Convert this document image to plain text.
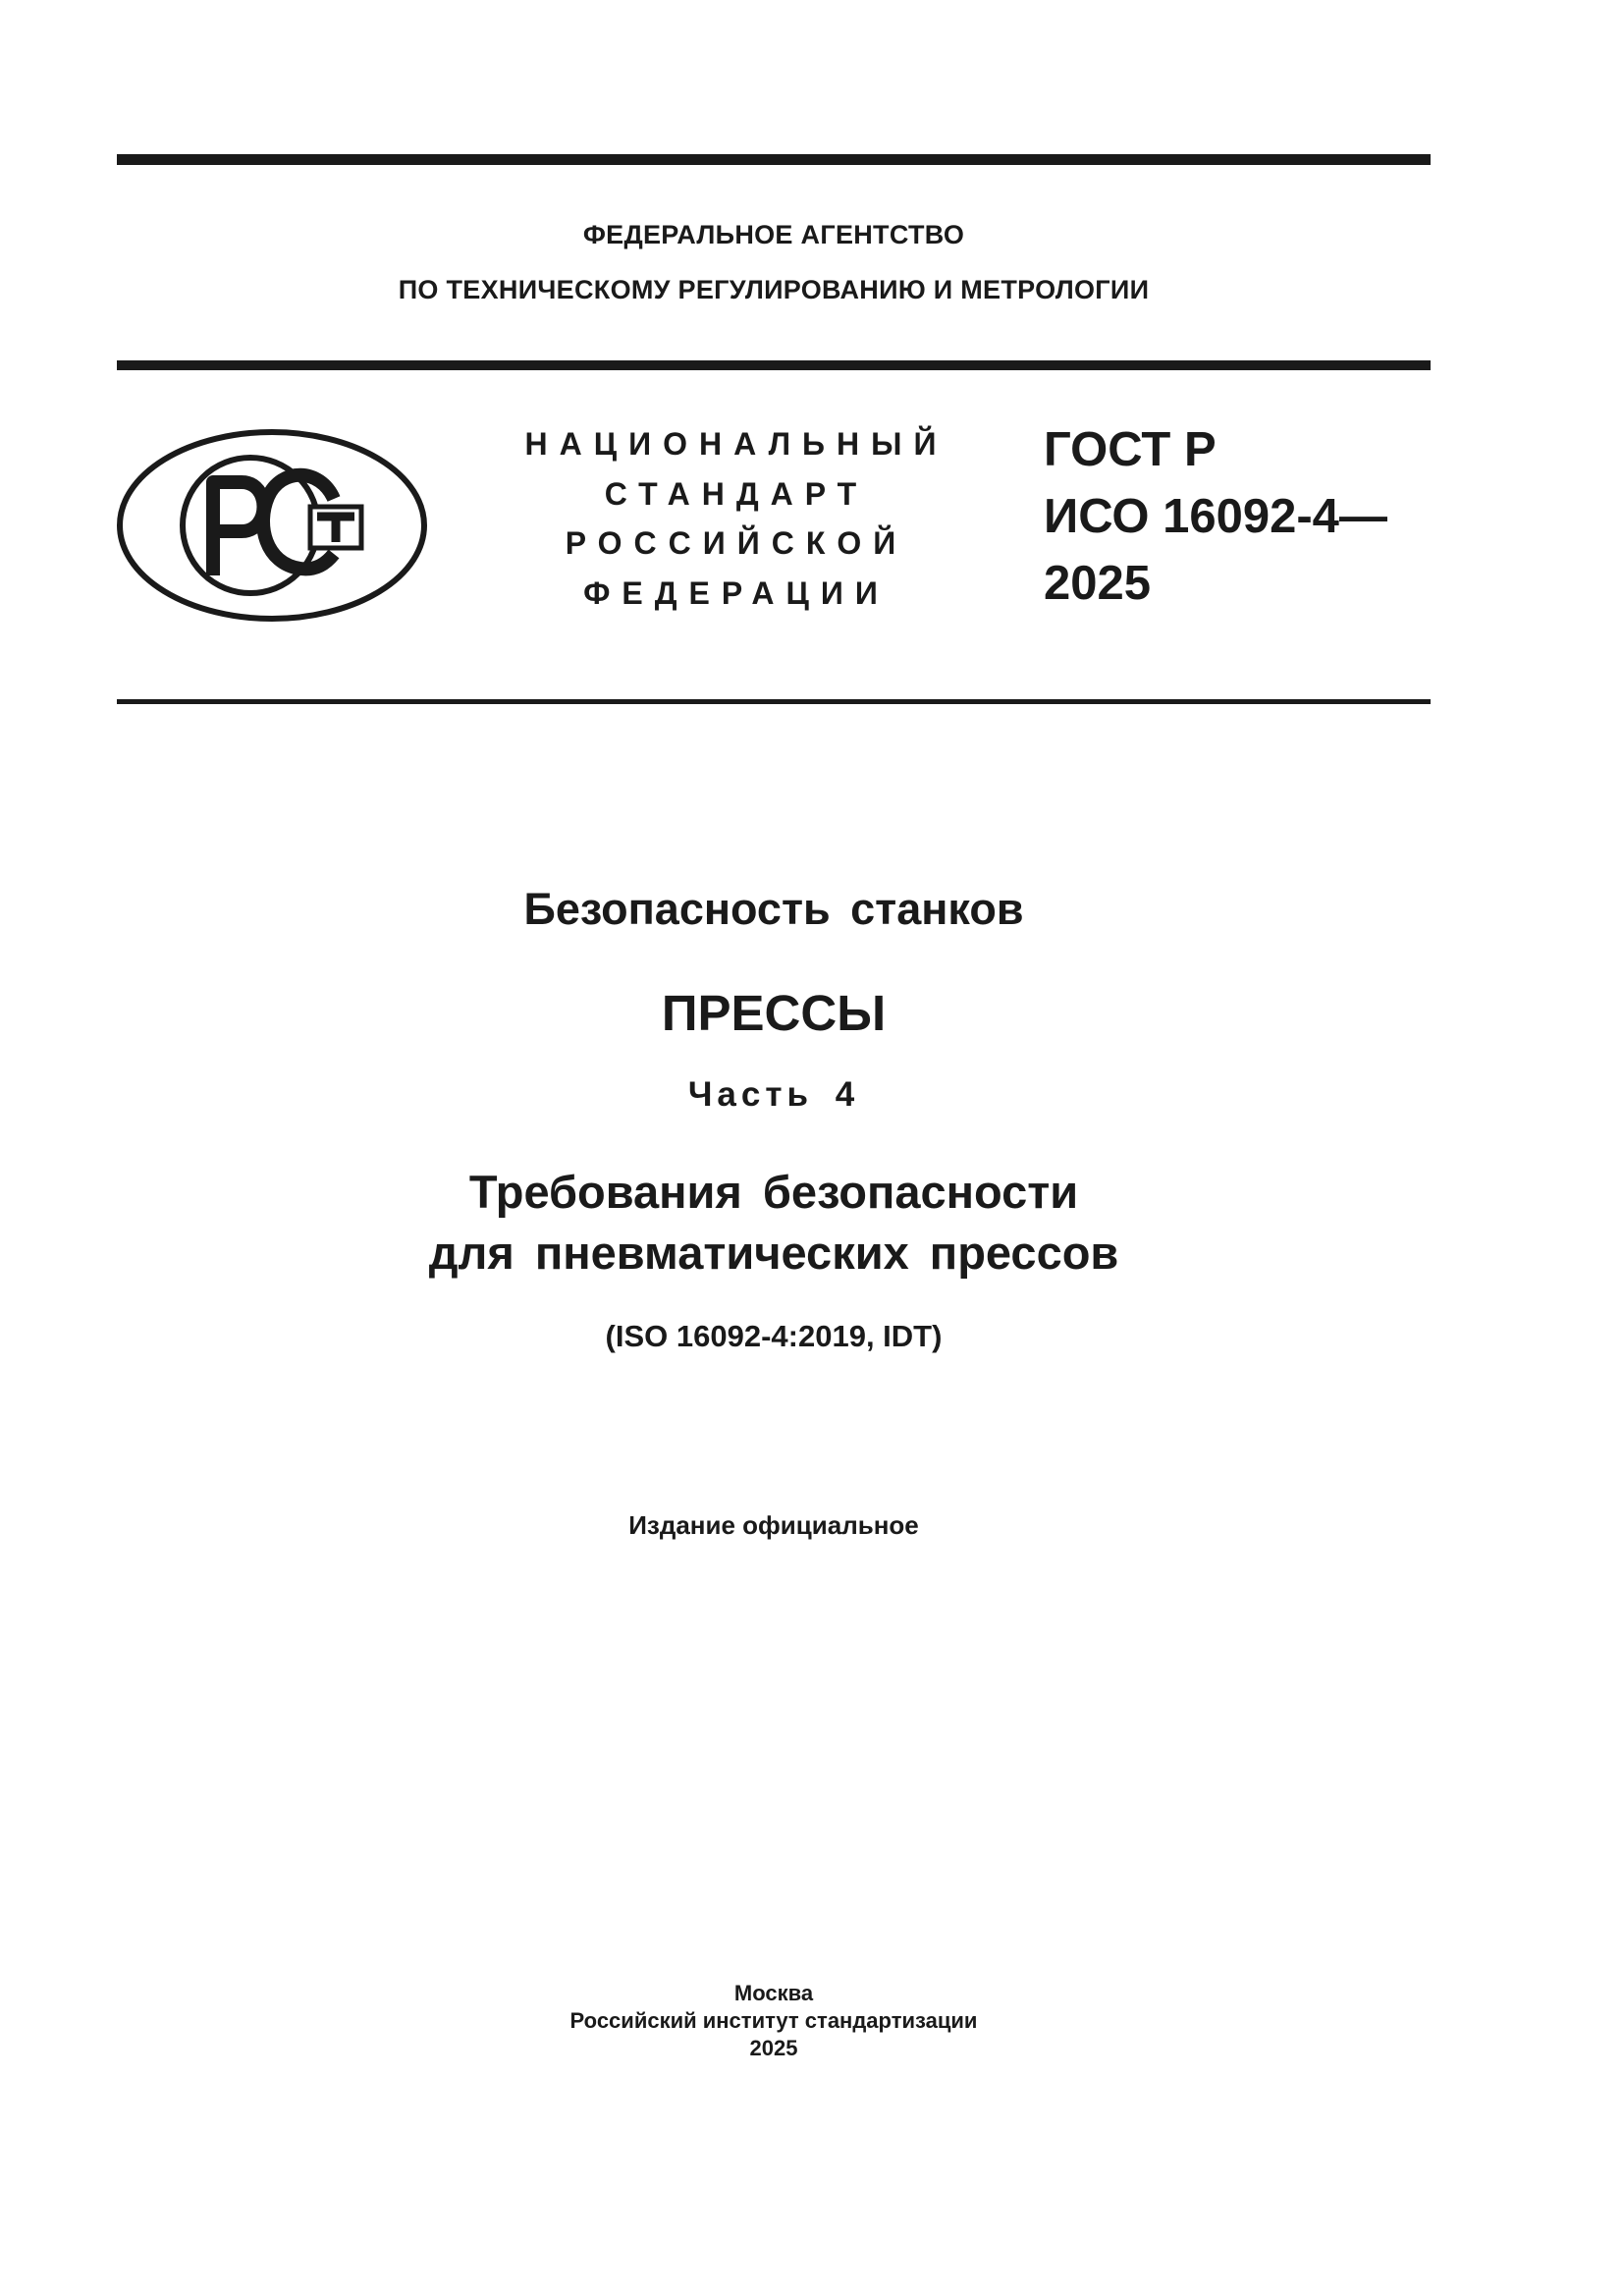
ФЕДЕРАЛЬНОЕ АГЕНТСТВО
ПО ТЕХНИЧЕСКОМУ РЕГУЛИРОВАНИЮ И МЕТРОЛОГИИ
НАЦИОНАЛЬНЫЙ
СТАНДАРТ
РОССИЙСКОЙ
ФЕДЕРАЦИИ
ГОСТ Р
ИСО 16092-4—
2025
Безопасность станков
ПРЕССЫ
Часть 4
Требования безопасности
для пневматических прессов
(ISO 16092-4:2019, IDT)
Издание официальное
Москва
Российский институт стандартизации
2025
